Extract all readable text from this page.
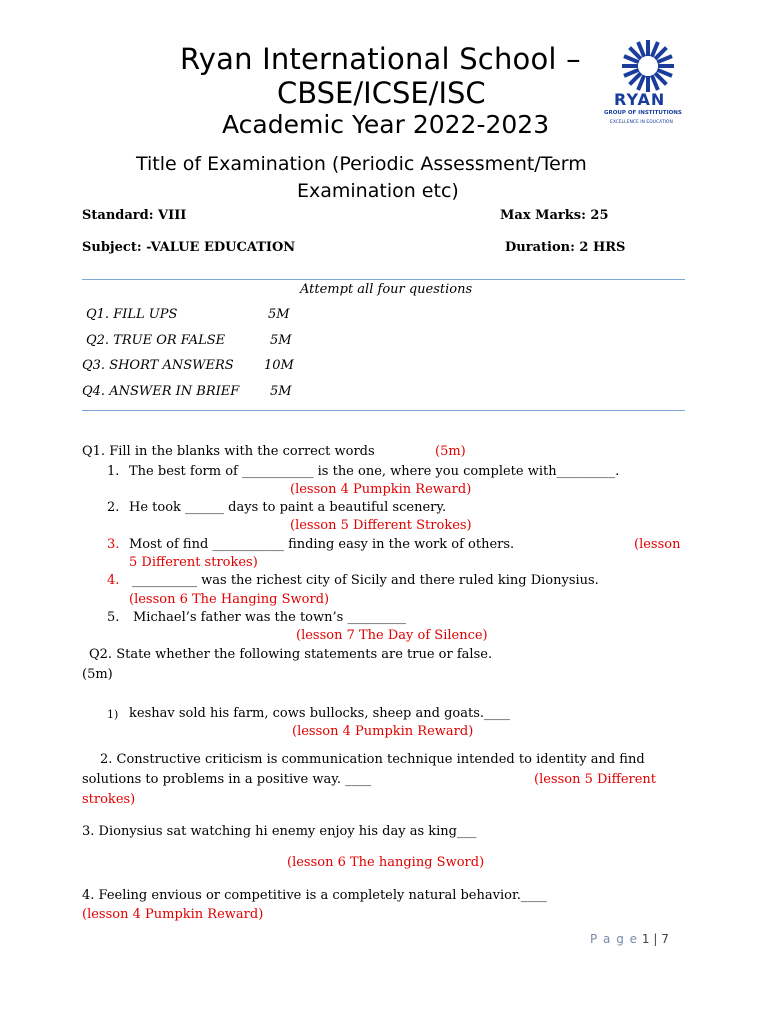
Ryan International School –
CBSE/ICSE/ISC
Academic Year 2022-2023
RYAN
GROUP OF INSTITUTIONS
EXCELLENCE IN EDUCATION
Title of Examination (Periodic Assessment/Term
Examination etc)
Standard: VIII	Max Marks: 25
Subject: -VALUE EDUCATION	Duration: 2 HRS
Attempt all four questions
Q1. FILL UPS	5M
Q2. TRUE OR FALSE	5M
Q3. SHORT ANSWERS 10M
Q4. ANSWER IN BRIEF 5M
Q1. Fill in the blanks with the correct words	(5m)
1. The best form of ___________ is the one, where you complete with_________.
(lesson 4 Pumpkin Reward)
2. He took ______ days to paint a beautiful scenery.
(lesson 5 Different Strokes)
3. Most of find ___________ finding easy in the work of others.	(lesson
5 Different strokes)
4. __________ was the richest city of Sicily and there ruled king Dionysius.
(lesson 6 The Hanging Sword)
5. Michael’s father was the town’s _________
(lesson 7 The Day of Silence)
Q2. State whether the following statements are true or false.
(5m)
1) keshav sold his farm, cows bullocks, sheep and goats.____
(lesson 4 Pumpkin Reward)
2. Constructive criticism is communication technique intended to identity and find
solutions to problems in a positive way. ____	(lesson 5 Different
strokes)
3. Dionysius sat watching hi enemy enjoy his day as king___
(lesson 6 The hanging Sword)
4. Feeling envious or competitive is a completely natural behavior.____
(lesson 4 Pumpkin Reward)
P a g e 1 | 7
